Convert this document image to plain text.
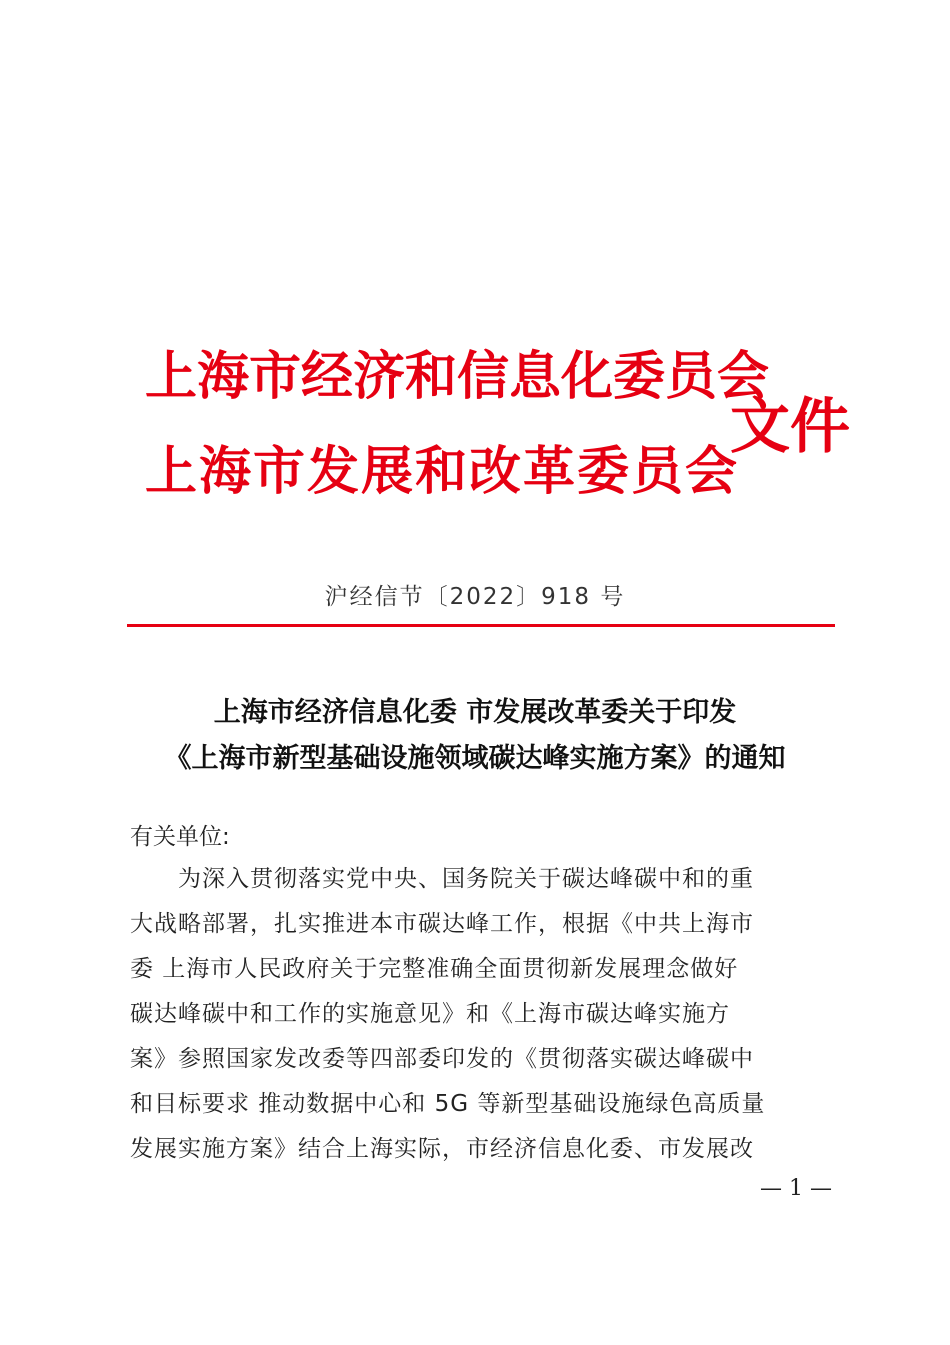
上海市经济和信息化委员会
上海市发展和改革委员会
文件
沪经信节〔2022〕918 号
上海市经济信息化委 市发展改革委关于印发
《上海市新型基础设施领域碳达峰实施方案》的通知
有关单位:
为深入贯彻落实党中央、国务院关于碳达峰碳中和的重
大战略部署，扎实推进本市碳达峰工作，根据《中共上海市
委 上海市人民政府关于完整准确全面贯彻新发展理念做好
碳达峰碳中和工作的实施意见》和《上海市碳达峰实施方
案》参照国家发改委等四部委印发的《贯彻落实碳达峰碳中
和目标要求 推动数据中心和 5G 等新型基础设施绿色高质量
发展实施方案》结合上海实际，市经济信息化委、市发展改
— 1 —
